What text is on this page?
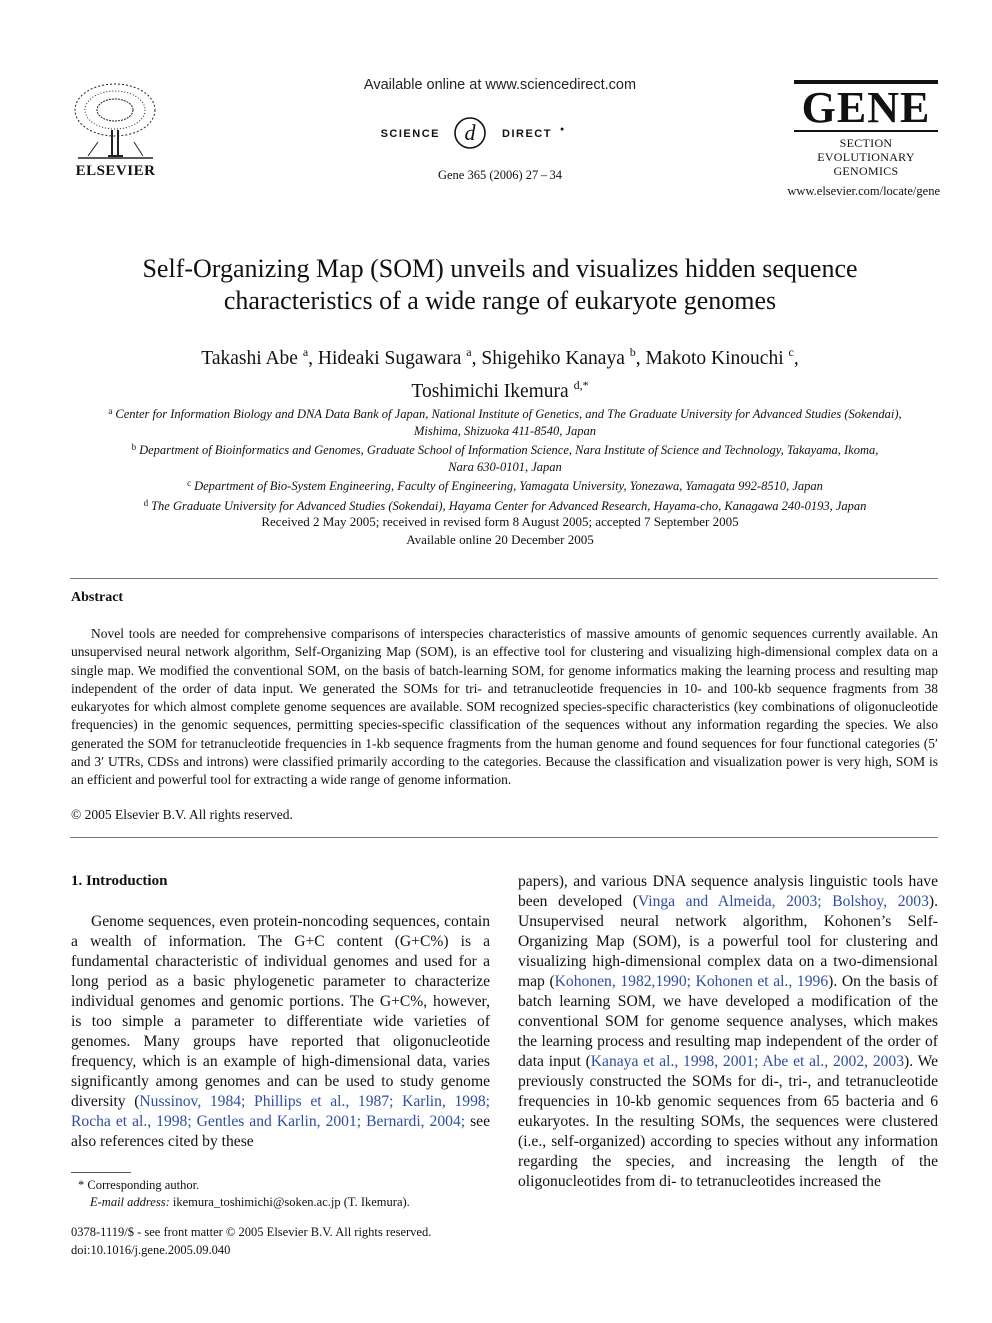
ELSEVIER
Available online at www.sciencedirect.com
SCIENCE d DIRECT ●
Gene 365 (2006) 27 – 34
GENE
SECTION
EVOLUTIONARY GENOMICS
www.elsevier.com/locate/gene
Self-Organizing Map (SOM) unveils and visualizes hidden sequence
characteristics of a wide range of eukaryote genomes
Takashi Abe $^a$, Hideaki Sugawara $^a$, Shigehiko Kanaya $^b$, Makoto Kinouchi $^c$,
Toshimichi Ikemura $^{d,*}$
$^a$ Center for Information Biology and DNA Data Bank of Japan, National Institute of Genetics, and The Graduate University for Advanced Studies (Sokendai),
Mishima, Shizuoka 411-8540, Japan
$^b$ Department of Bioinformatics and Genomes, Graduate School of Information Science, Nara Institute of Science and Technology, Takayama, Ikoma,
Nara 630-0101, Japan
$^c$ Department of Bio-System Engineering, Faculty of Engineering, Yamagata University, Yonezawa, Yamagata 992-8510, Japan
$^d$ The Graduate University for Advanced Studies (Sokendai), Hayama Center for Advanced Research, Hayama-cho, Kanagawa 240-0193, Japan
Received 2 May 2005; received in revised form 8 August 2005; accepted 7 September 2005
Available online 20 December 2005
Abstract

Novel tools are needed for comprehensive comparisons of interspecies characteristics of massive amounts of genomic sequences currently available. An unsupervised neural network algorithm, Self-Organizing Map (SOM), is an effective tool for clustering and visualizing high-dimensional complex data on a single map. We modified the conventional SOM, on the basis of batch-learning SOM, for genome informatics making the learning process and resulting map independent of the order of data input. We generated the SOMs for tri- and tetranucleotide frequencies in 10- and 100-kb sequence fragments from 38 eukaryotes for which almost complete genome sequences are available. SOM recognized species-specific characteristics (key combinations of oligonucleotide frequencies) in the genomic sequences, permitting species-specific classification of the sequences without any information regarding the species. We also generated the SOM for tetranucleotide frequencies in 1-kb sequence fragments from the human genome and found sequences for four functional categories (5′ and 3′ UTRs, CDSs and introns) were classified primarily according to the categories. Because the classification and visualization power is very high, SOM is an efficient and powerful tool for extracting a wide range of genome information.

© 2005 Elsevier B.V. All rights reserved.
1. Introduction

Genome sequences, even protein-noncoding sequences, contain a wealth of information. The G+C content (G+C%) is a fundamental characteristic of individual genomes and used for a long period as a basic phylogenetic parameter to characterize individual genomes and genomic portions. The G+C%, however, is too simple a parameter to differentiate wide varieties of genomes. Many groups have reported that oligonucleotide frequency, which is an example of high-dimensional data, varies significantly among genomes and can be used to study genome diversity (Nussinov, 1984; Phillips et al., 1987; Karlin, 1998; Rocha et al., 1998; Gentles and Karlin, 2001; Bernardi, 2004; see also references cited by these

papers), and various DNA sequence analysis linguistic tools have been developed (Vinga and Almeida, 2003; Bolshoy, 2003). Unsupervised neural network algorithm, Kohonen’s Self-Organizing Map (SOM), is a powerful tool for clustering and visualizing high-dimensional complex data on a two-dimensional map (Kohonen, 1982,1990; Kohonen et al., 1996). On the basis of batch learning SOM, we have developed a modification of the conventional SOM for genome sequence analyses, which makes the learning process and resulting map independent of the order of data input (Kanaya et al., 1998, 2001; Abe et al., 2002, 2003). We previously constructed the SOMs for di-, tri-, and tetranucleotide frequencies in 10-kb genomic sequences from 65 bacteria and 6 eukaryotes. In the resulting SOMs, the sequences were clustered (i.e., self-organized) according to species without any information regarding the species, and increasing the length of the oligonucleotides from di- to tetranucleotides increased the

* Corresponding author.
E-mail address: ikemura_toshimichi@soken.ac.jp (T. Ikemura).
0378-1119/$ - see front matter © 2005 Elsevier B.V. All rights reserved.
doi:10.1016/j.gene.2005.09.040
